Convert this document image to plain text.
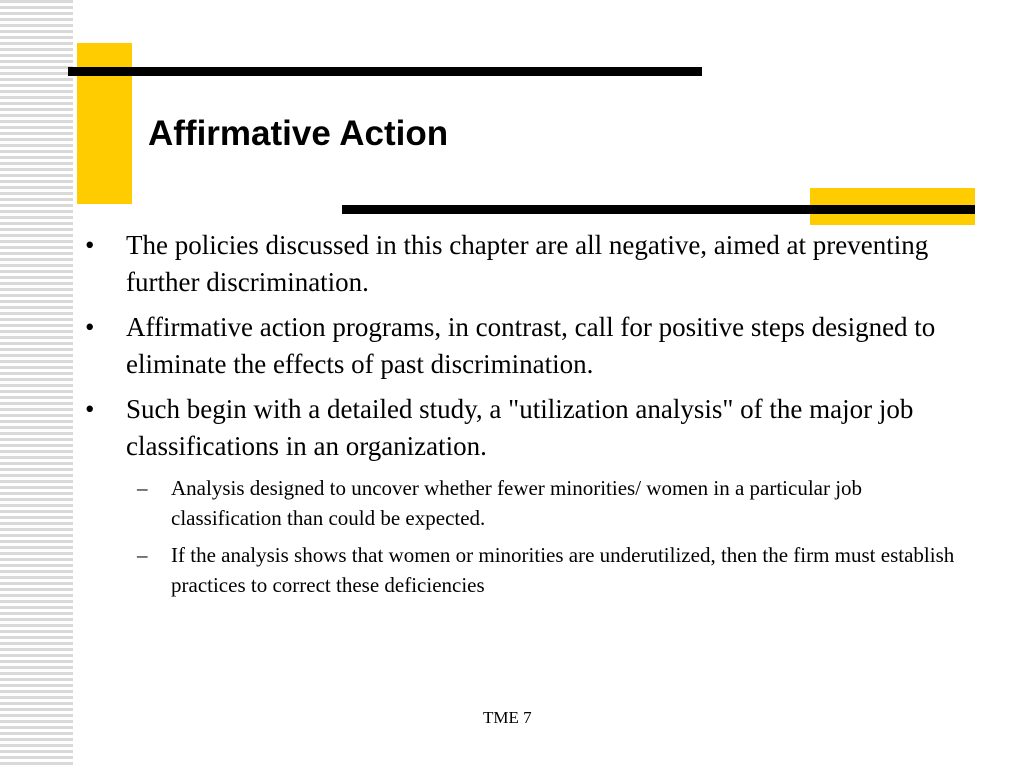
Affirmative Action
•	The policies discussed in this chapter are all negative, aimed at preventing further discrimination.
•	Affirmative action programs, in contrast, call for positive steps designed to eliminate the effects of past discrimination.
•	Such begin with a detailed study, a "utilization analysis" of the major job classifications in an organization.
–	Analysis designed to uncover whether fewer minorities/ women in a particular job classification than could be expected.
–	If the analysis shows that women or minorities are underutilized, then the firm must establish practices to correct these deficiencies
TME 7
